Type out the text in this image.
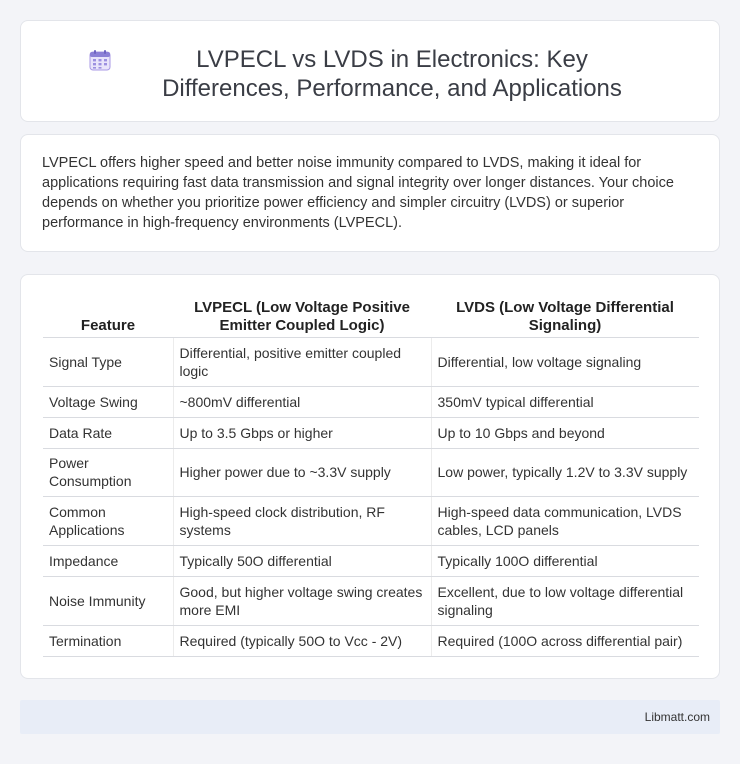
LVPECL vs LVDS in Electronics: Key Differences, Performance, and Applications

LVPECL offers higher speed and better noise immunity compared to LVDS, making it ideal for applications requiring fast data transmission and signal integrity over longer distances. Your choice depends on whether you prioritize power efficiency and simpler circuitry (LVDS) or superior performance in high-frequency environments (LVPECL).

Feature	LVPECL (Low Voltage Positive Emitter Coupled Logic)	LVDS (Low Voltage Differential Signaling)
Signal Type	Differential, positive emitter coupled logic	Differential, low voltage signaling
Voltage Swing	~800mV differential	350mV typical differential
Data Rate	Up to 3.5 Gbps or higher	Up to 10 Gbps and beyond
Power Consumption	Higher power due to ~3.3V supply	Low power, typically 1.2V to 3.3V supply
Common Applications	High-speed clock distribution, RF systems	High-speed data communication, LVDS cables, LCD panels
Impedance	Typically 50O differential	Typically 100O differential
Noise Immunity	Good, but higher voltage swing creates more EMI	Excellent, due to low voltage differential signaling
Termination	Required (typically 50O to Vcc - 2V)	Required (100O across differential pair)
Libmatt.com
